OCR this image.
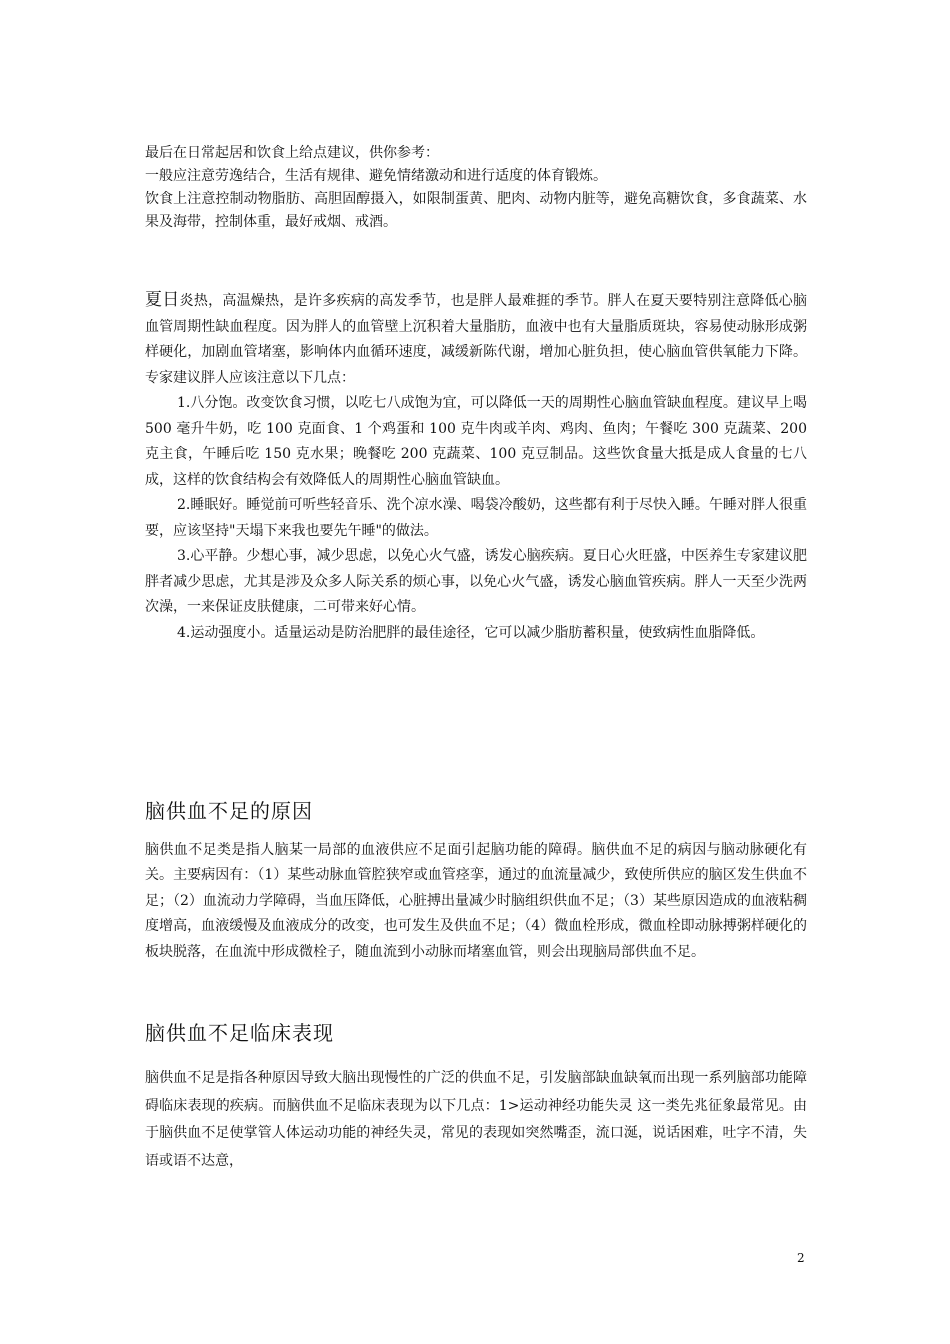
最后在日常起居和饮食上给点建议，供你参考：
一般应注意劳逸结合，生活有规律、避免情绪激动和进行适度的体育锻炼。
饮食上注意控制动物脂肪、高胆固醇摄入，如限制蛋黄、肥肉、动物内脏等，避免高糖饮食，多食蔬菜、水果及海带，控制体重，最好戒烟、戒酒。

夏日炎热，高温燥热，是许多疾病的高发季节，也是胖人最难捱的季节。胖人在夏天要特别注意降低心脑血管周期性缺血程度。因为胖人的血管壁上沉积着大量脂肪，血液中也有大量脂质斑块，容易使动脉形成粥样硬化，加剧血管堵塞，影响体内血循环速度，减缓新陈代谢，增加心脏负担，使心脑血管供氧能力下降。专家建议胖人应该注意以下几点：

1.八分饱。改变饮食习惯，以吃七八成饱为宜，可以降低一天的周期性心脑血管缺血程度。建议早上喝 500 毫升牛奶，吃 100 克面食、1 个鸡蛋和 100 克牛肉或羊肉、鸡肉、鱼肉；午餐吃 300 克蔬菜、200 克主食，午睡后吃 150 克水果；晚餐吃 200 克蔬菜、100 克豆制品。这些饮食量大抵是成人食量的七八成，这样的饮食结构会有效降低人的周期性心脑血管缺血。

2.睡眠好。睡觉前可听些轻音乐、洗个凉水澡、喝袋冷酸奶，这些都有利于尽快入睡。午睡对胖人很重要，应该坚持"天塌下来我也要先午睡"的做法。

3.心平静。少想心事，减少思虑，以免心火气盛，诱发心脑疾病。夏日心火旺盛，中医养生专家建议肥胖者减少思虑，尤其是涉及众多人际关系的烦心事，以免心火气盛，诱发心脑血管疾病。胖人一天至少洗两次澡，一来保证皮肤健康，二可带来好心情。

4.运动强度小。适量运动是防治肥胖的最佳途径，它可以减少脂肪蓄积量，使致病性血脂降低。

脑供血不足的原因
脑供血不足类是指人脑某一局部的血液供应不足面引起脑功能的障碍。脑供血不足的病因与脑动脉硬化有关。主要病因有：（1）某些动脉血管腔狭窄或血管痉挛，通过的血流量减少，致使所供应的脑区发生供血不足；（2）血流动力学障碍，当血压降低，心脏搏出量减少时脑组织供血不足；（3）某些原因造成的血液粘稠度增高，血液缓慢及血液成分的改变，也可发生及供血不足；（4）微血栓形成，微血栓即动脉搏粥样硬化的板块脱落，在血流中形成微栓子，随血流到小动脉而堵塞血管，则会出现脑局部供血不足。
脑供血不足临床表现
脑供血不足是指各种原因导致大脑出现慢性的广泛的供血不足，引发脑部缺血缺氧而出现一系列脑部功能障碍临床表现的疾病。而脑供血不足临床表现为以下几点：1>运动神经功能失灵 这一类先兆征象最常见。由于脑供血不足使掌管人体运动功能的神经失灵，常见的表现如突然嘴歪，流口涎，说话困难，吐字不清，失语或语不达意，
2
